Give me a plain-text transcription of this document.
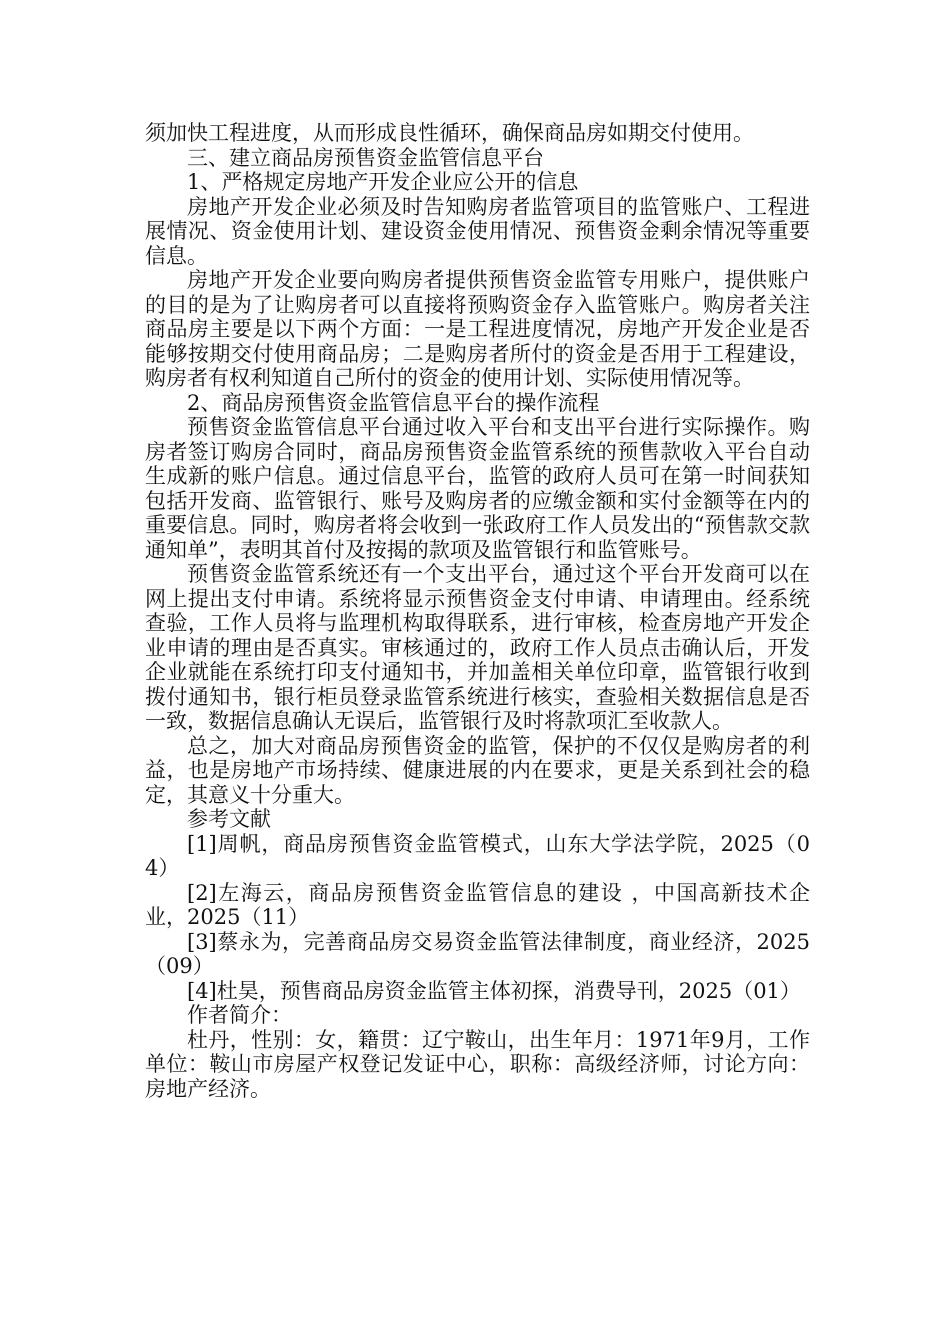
须加快工程进度，从而形成良性循环，确保商品房如期交付使用。

三、建立商品房预售资金监管信息平台

1、严格规定房地产开发企业应公开的信息

房地产开发企业必须及时告知购房者监管项目的监管账户、工程进展情况、资金使用计划、建设资金使用情况、预售资金剩余情况等重要信息。

房地产开发企业要向购房者提供预售资金监管专用账户，提供账户的目的是为了让购房者可以直接将预购资金存入监管账户。购房者关注商品房主要是以下两个方面：一是工程进度情况，房地产开发企业是否能够按期交付使用商品房；二是购房者所付的资金是否用于工程建设，购房者有权利知道自己所付的资金的使用计划、实际使用情况等。

2、商品房预售资金监管信息平台的操作流程

预售资金监管信息平台通过收入平台和支出平台进行实际操作。购房者签订购房合同时，商品房预售资金监管系统的预售款收入平台自动生成新的账户信息。通过信息平台，监管的政府人员可在第一时间获知包括开发商、监管银行、账号及购房者的应缴金额和实付金额等在内的重要信息。同时，购房者将会收到一张政府工作人员发出的“预售款交款通知单”，表明其首付及按揭的款项及监管银行和监管账号。

预售资金监管系统还有一个支出平台，通过这个平台开发商可以在网上提出支付申请。系统将显示预售资金支付申请、申请理由。经系统查验，工作人员将与监理机构取得联系，进行审核，检查房地产开发企业申请的理由是否真实。审核通过的，政府工作人员点击确认后，开发企业就能在系统打印支付通知书，并加盖相关单位印章，监管银行收到拨付通知书，银行柜员登录监管系统进行核实，查验相关数据信息是否一致，数据信息确认无误后，监管银行及时将款项汇至收款人。

总之，加大对商品房预售资金的监管，保护的不仅仅是购房者的利益，也是房地产市场持续、健康进展的内在要求，更是关系到社会的稳定，其意义十分重大。

参考文献

[1]周帆，商品房预售资金监管模式，山东大学法学院，2025（04）

[2]左海云，商品房预售资金监管信息的建设 ，中国高新技术企业，2025（11）

[3]蔡永为，完善商品房交易资金监管法律制度，商业经济，2025（09）

[4]杜昊，预售商品房资金监管主体初探，消费导刊，2025（01）

作者简介：

杜丹，性别：女，籍贯：辽宁鞍山，出生年月：1971年9月，工作单位：鞍山市房屋产权登记发证中心，职称：高级经济师，讨论方向：房地产经济。
